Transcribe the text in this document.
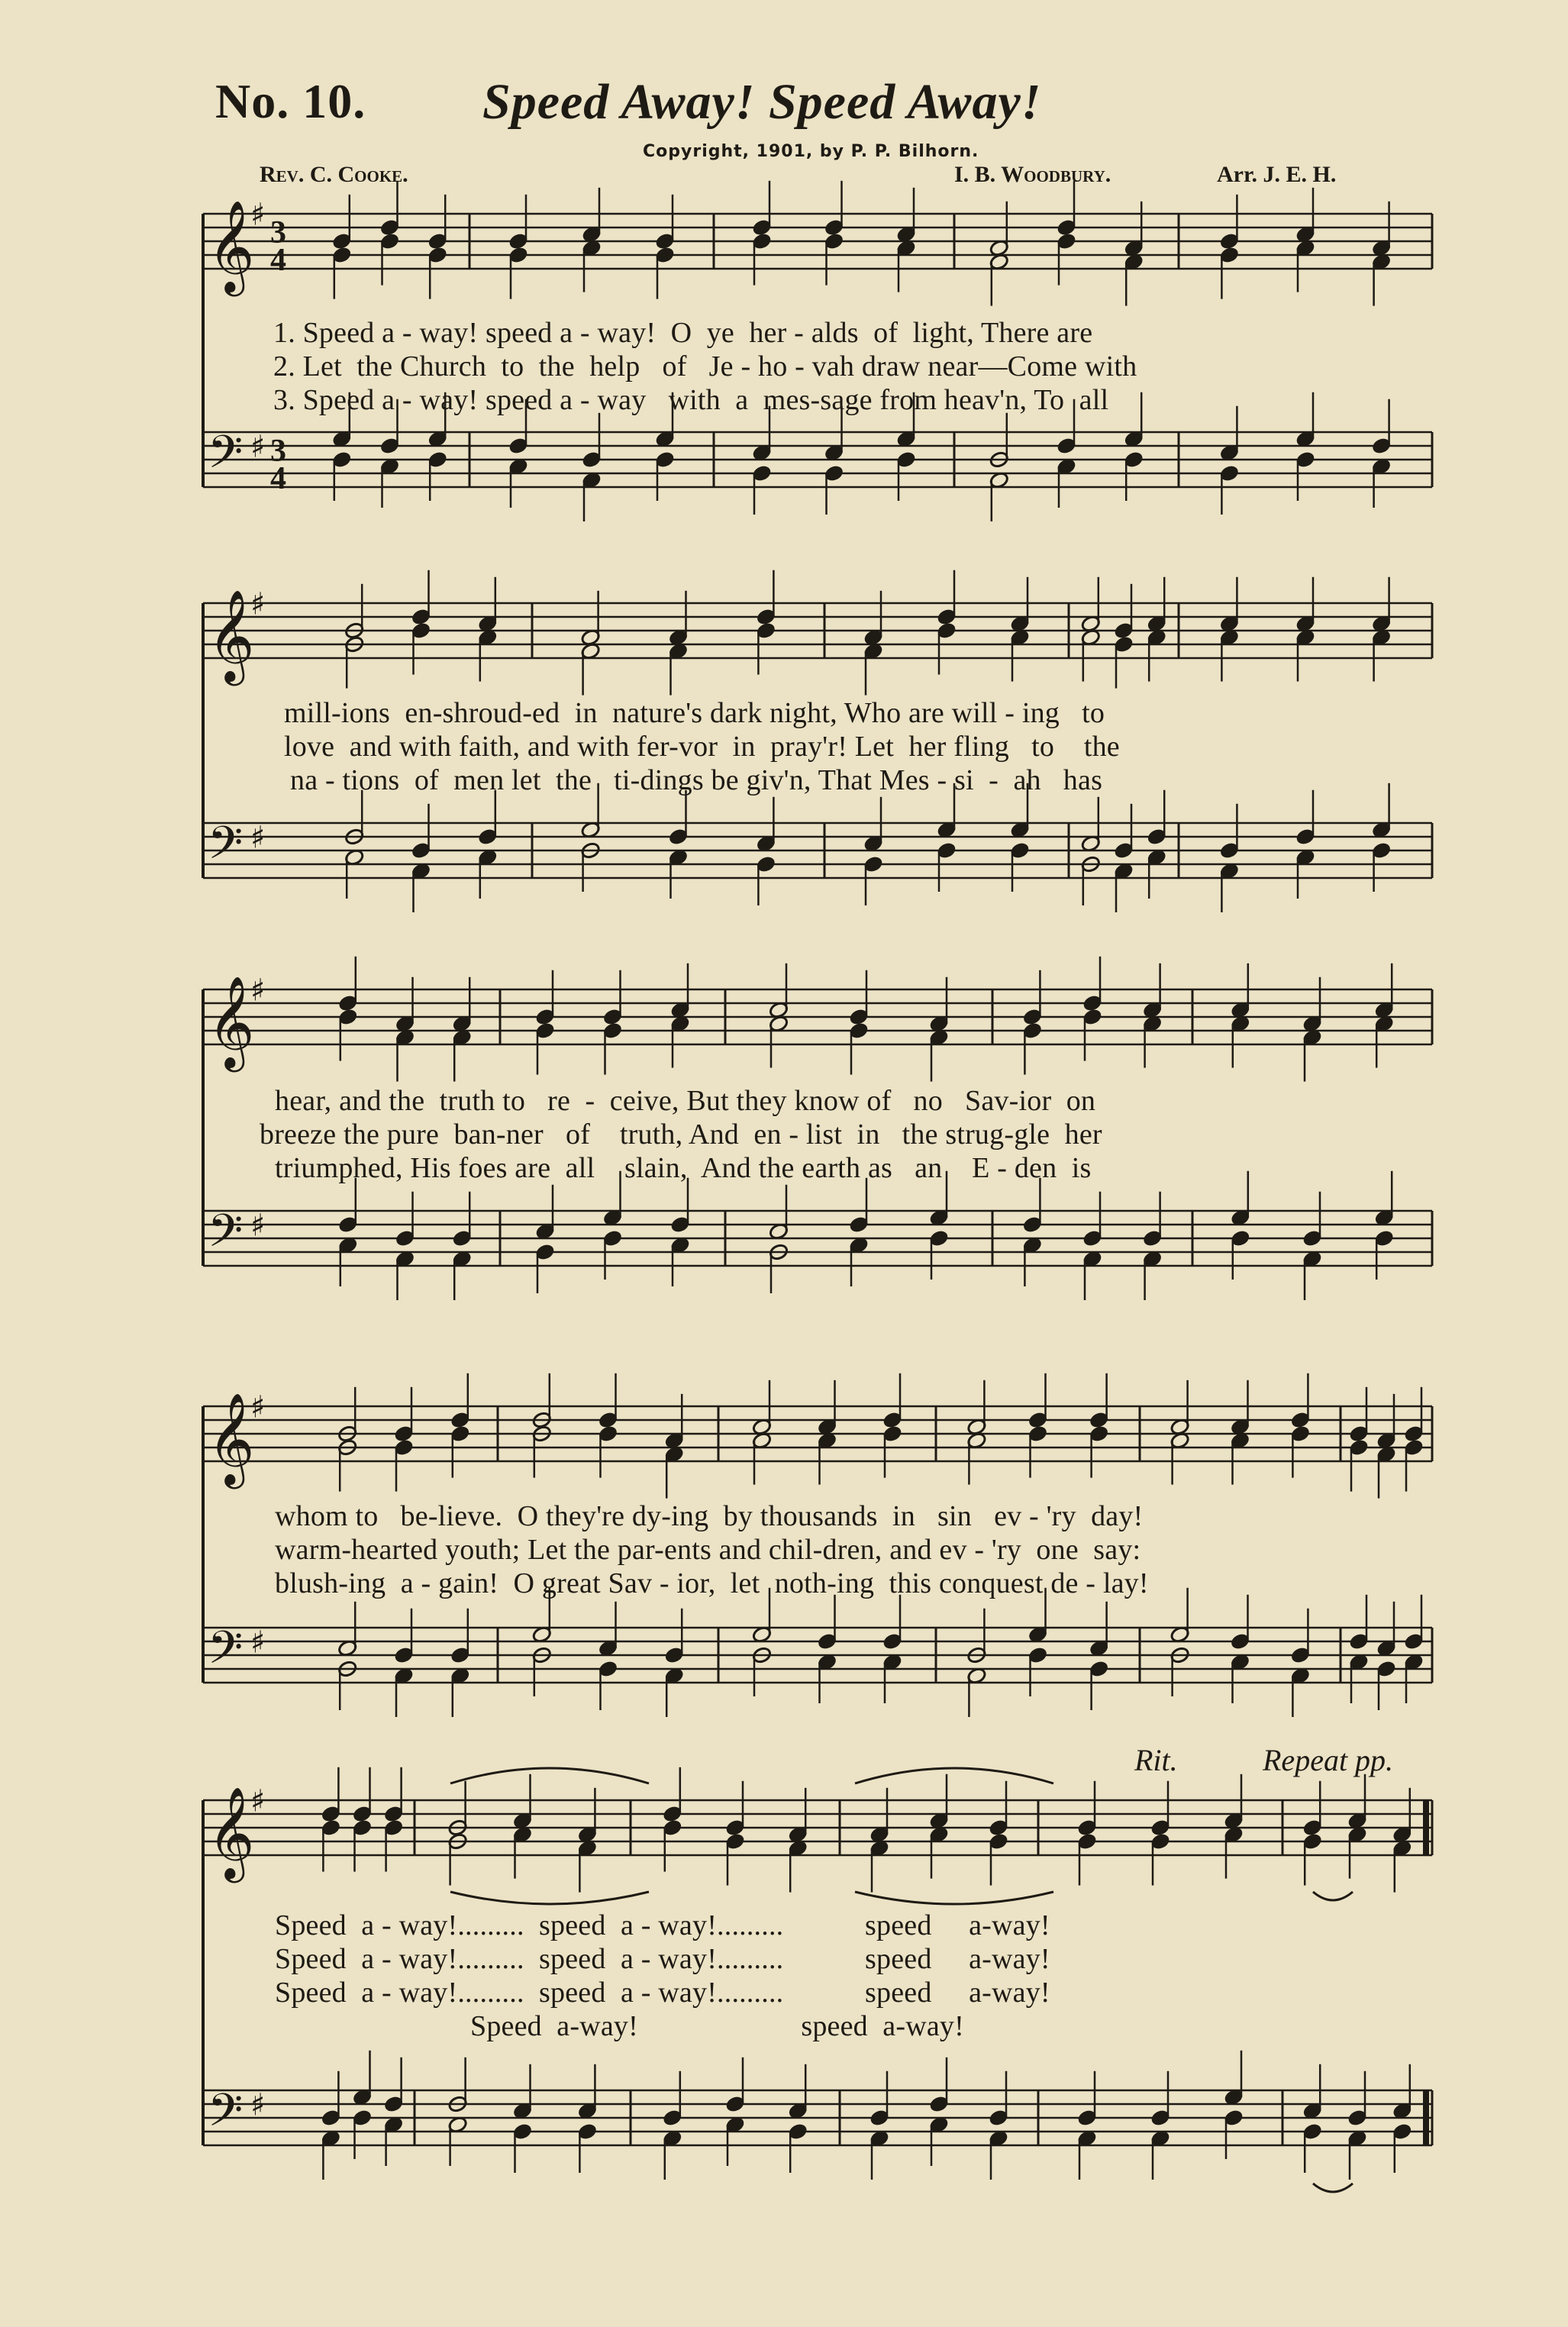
No. 10. Speed Away! Speed Away!
Copyright, 1901, by P. P. Bilhorn.
Rev. C. Cooke.	I. B. Woodbury.	Arr. J. E. H.
𝄞
𝄢
♯
♯
3
4
3
4
𝄞
𝄢
♯
♯
𝄞
𝄢
♯
♯
𝄞
𝄢
♯
♯
𝄞
𝄢
♯
♯
1. Speed a - way! speed a - way!  O  ye  her - alds  of  light, There are
2. Let  the Church  to  the  help   of   Je - ho - vah draw near—Come with
3. Speed a - way! speed a - way   with  a  mes-sage from heav'n, To  all
mill-ions  en-shroud-ed  in  nature's dark night, Who are will - ing   to
love  and with faith, and with fer-vor  in  pray'r! Let  her fling   to    the
na - tions  of  men let  the   ti-dings be giv'n, That Mes - si  -  ah   has
hear, and the  truth to   re  -  ceive, But they know of   no   Sav-ior  on
breeze the pure  ban-ner   of    truth, And  en - list  in   the strug-gle  her
triumphed, His foes are  all    slain,  And the earth as   an    E - den  is
whom to   be-lieve.  O they're dy-ing  by thousands  in   sin   ev - 'ry  day!
warm-hearted youth; Let the par-ents and chil-dren, and ev - 'ry  one  say:
blush-ing  a - gain!  O great Sav - ior,  let  noth-ing  this conquest de - lay!
Rit.	Repeat pp.
Speed  a - way!.........  speed  a - way!.........           speed     a-way!
Speed  a - way!.........  speed  a - way!.........           speed     a-way!
Speed  a - way!.........  speed  a - way!.........           speed     a-way!
Speed  a-way!                      speed  a-way!
